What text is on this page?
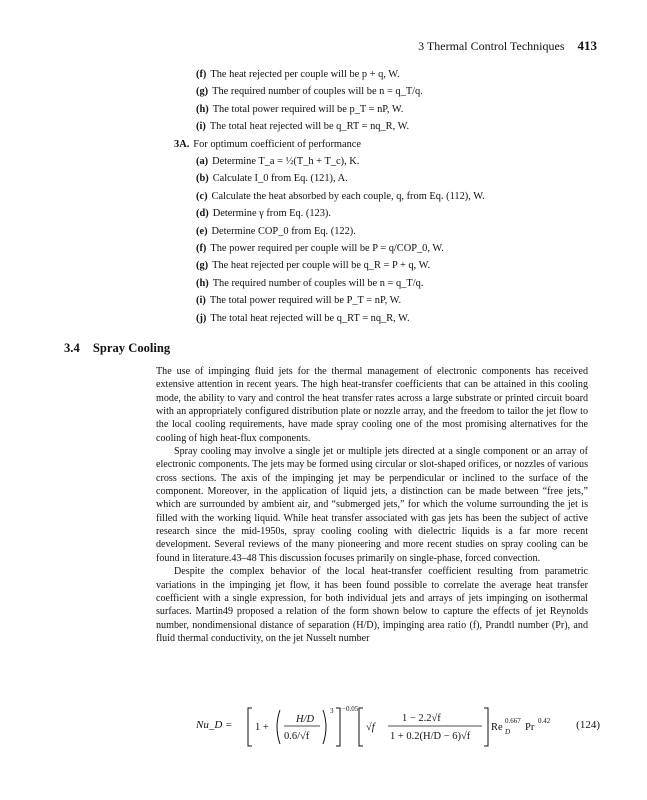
3 Thermal Control Techniques 413
(f) The heat rejected per couple will be p + q, W.
(g) The required number of couples will be n = q_T/q.
(h) The total power required will be p_T = nP, W.
(i) The total heat rejected will be q_RT = nq_R, W.
3A. For optimum coefficient of performance
(a) Determine T_a = ½(T_h + T_c), K.
(b) Calculate I_0 from Eq. (121), A.
(c) Calculate the heat absorbed by each couple, q, from Eq. (112), W.
(d) Determine γ from Eq. (123).
(e) Determine COP_0 from Eq. (122).
(f) The power required per couple will be P = q/COP_0, W.
(g) The heat rejected per couple will be q_R = P + q, W.
(h) The required number of couples will be n = q_T/q.
(i) The total power required will be P_T = nP, W.
(j) The total heat rejected will be q_RT = nq_R, W.
3.4 Spray Cooling

The use of impinging fluid jets for the thermal management of electronic components has received extensive attention in recent years. The high heat-transfer coefficients that can be attained in this cooling mode, the ability to vary and control the heat transfer rates across a large substrate or printed circuit board with an appropriately configured distribution plate or nozzle array, and the freedom to tailor the jet flow to the local cooling requirements, have made spray cooling one of the most promising alternatives for the cooling of high heat-flux components.

Spray cooling may involve a single jet or multiple jets directed at a single component or an array of electronic components. The jets may be formed using circular or slot-shaped orifices, or nozzles of various cross sections. The axis of the impinging jet may be perpendicular or inclined to the surface of the component. Moreover, in the application of liquid jets, a distinction can be made between “free jets,” which are surrounded by ambient air, and “submerged jets,” for which the volume surrounding the jet is filled with the working liquid. While heat transfer associated with gas jets has been the subject of active research since the mid-1950s, spray cooling cooling with dielectric liquids is a far more recent development. Several reviews of the many pioneering and more recent studies on spray cooling can be found in literature.43–48 This discussion focuses primarily on single-phase, forced convection.

Despite the complex behavior of the local heat-transfer coefficient resulting from parametric variations in the impinging jet flow, it has been found possible to correlate the average heat transfer coefficient with a single expression, for both individual jets and arrays of jets impinging on isothermal surfaces. Martin49 proposed a relation of the form shown below to capture the effects of jet Reynolds number, nondimensional distance of separation (H/D), impinging area ratio (f), Prandtl number (Pr), and fluid thermal conductivity, on the jet Nusselt number

Nu_D = 1 +
H/D
0.6/√f
3 −0.05
√f
1 − 2.2√f
1 + 0.2(H/D − 6)√f
Re D
0.667
Pr
0.42 (124)
